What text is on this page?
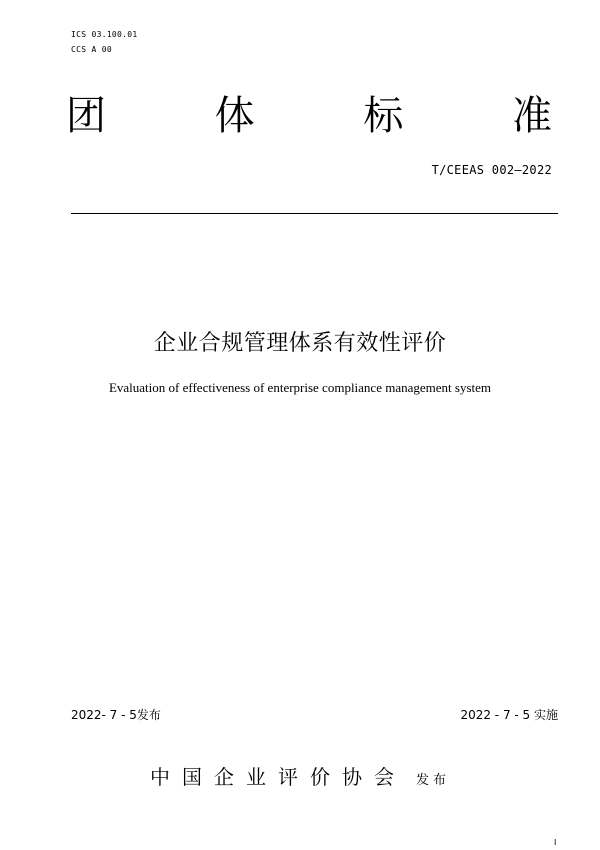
ICS 03.100.01
CCS A 00
团	体	标	准
T/CEEAS 002—2022
企业合规管理体系有效性评价
Evaluation of effectiveness of enterprise compliance management system
2022- 7 - 5发布	2022 - 7 - 5 实施
中国企业评价协会 发布
I
